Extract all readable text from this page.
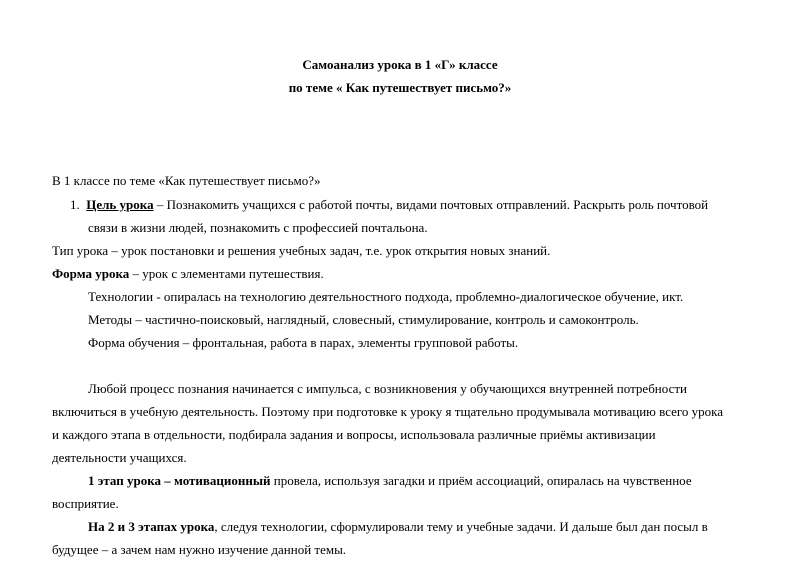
Самоанализ урока в 1 «Г» классе
по теме « Как путешествует письмо?»
В 1 классе по теме «Как путешествует письмо?»
1. Цель урока – Познакомить учащихся с работой почты, видами почтовых отправлений. Раскрыть роль почтовой
связи в жизни людей, познакомить с профессией почтальона.
Тип урока – урок постановки и решения учебных задач, т.е. урок открытия новых знаний.
Форма урока – урок с элементами путешествия.
Технологии - опиралась на технологию деятельностного подхода, проблемно-диалогическое обучение, икт.
Методы – частично-поисковый, наглядный, словесный, стимулирование, контроль и самоконтроль.
Форма обучения – фронтальная, работа в парах, элементы групповой работы.
Любой процесс познания начинается с импульса, с возникновения у обучающихся внутренней потребности
включиться в учебную деятельность. Поэтому при подготовке к уроку я тщательно продумывала мотивацию всего урока
и каждого этапа в отдельности, подбирала задания и вопросы, использовала различные приёмы активизации
деятельности учащихся.
1 этап урока – мотивационный провела, используя загадки и приём ассоциаций, опиралась на чувственное
восприятие.
На 2 и 3 этапах урока, следуя технологии, сформулировали тему и учебные задачи. И дальше был дан посыл в
будущее – а зачем нам нужно изучение данной темы.
